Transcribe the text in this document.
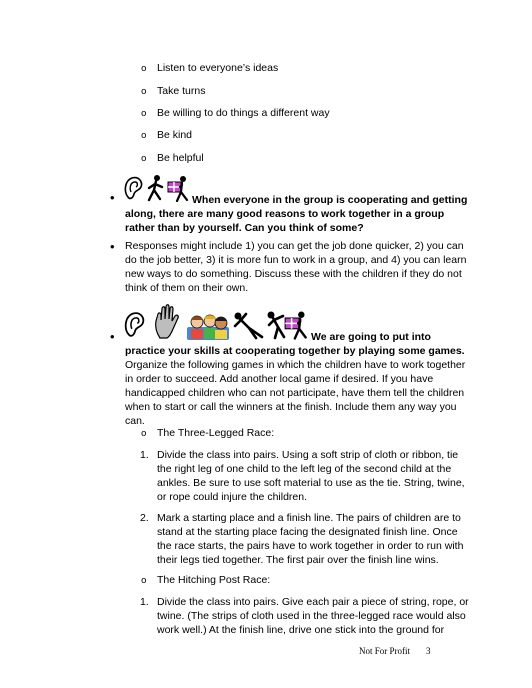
o Listen to everyone’s ideas
o Take turns
o Be willing to do things a different way
o Be kind
o Be helpful
•	When everyone in the group is cooperating and getting
along, there are many good reasons to work together in a group
rather than by yourself. Can you think of some?
• Responses might include 1) you can get the job done quicker, 2) you can
do the job better, 3) it is more fun to work in a group, and 4) you can learn
new ways to do something. Discuss these with the children if they do not
think of them on their own.
•	We are going to put into
practice your skills at cooperating together by playing some games.
Organize the following games in which the children have to work together
in order to succeed. Add another local game if desired. If you have
handicapped children who can not participate, have them tell the children
when to start or call the winners at the finish. Include them any way you
can.
o The Three-Legged Race:
1. Divide the class into pairs. Using a soft strip of cloth or ribbon, tie
the right leg of one child to the left leg of the second child at the
ankles. Be sure to use soft material to use as the tie. String, twine,
or rope could injure the children.
2. Mark a starting place and a finish line. The pairs of children are to
stand at the starting place facing the designated finish line. Once
the race starts, the pairs have to work together in order to run with
their legs tied together. The first pair over the finish line wins.
o The Hitching Post Race:
1. Divide the class into pairs. Give each pair a piece of string, rope, or
twine. (The strips of cloth used in the three-legged race would also
work well.) At the finish line, drive one stick into the ground for
Not For Profit 3
